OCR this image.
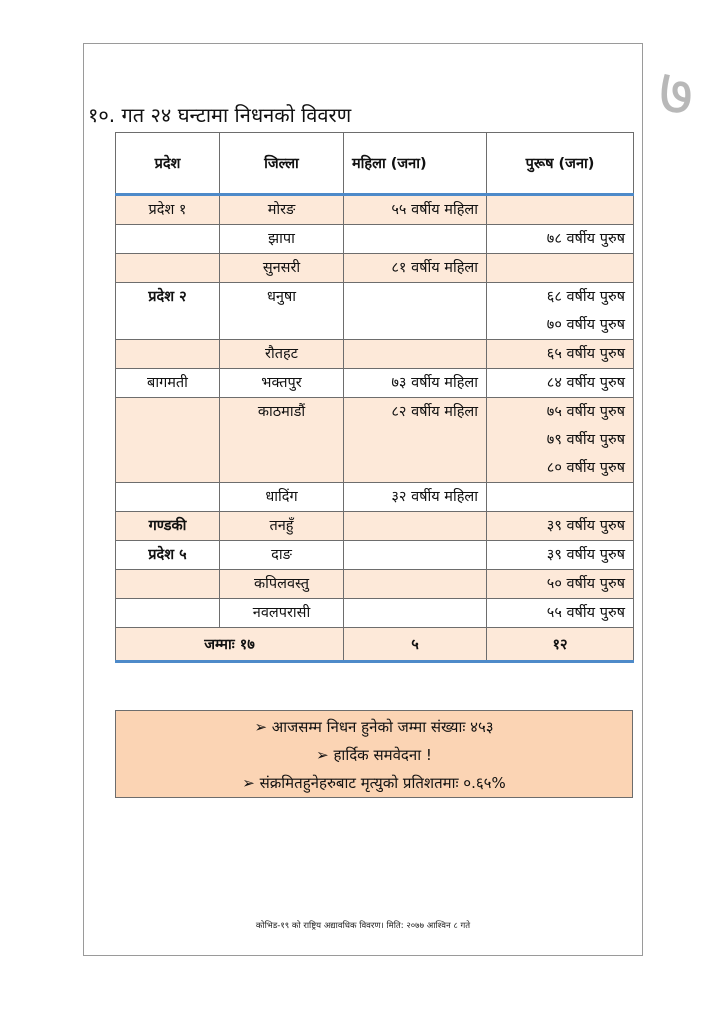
७
१०. गत २४ घन्टामा निधनको विवरण
प्रदेश	जिल्ला	महिला (जना)	पुरूष (जना)

प्रदेश १	मोरङ	५५ वर्षीय महिला	

	झापा		७८ वर्षीय पुरुष

	सुनसरी	८१ वर्षीय महिला	

प्रदेश २	धनुषा		६८ वर्षीय पुरुष
७० वर्षीय पुरुष

	रौतहट		६५ वर्षीय पुरुष

बागमती	भक्तपुर	७३ वर्षीय महिला	८४ वर्षीय पुरुष

	काठमाडौं	८२ वर्षीय महिला	७५ वर्षीय पुरुष
७९ वर्षीय पुरुष
८० वर्षीय पुरुष

	धादिंग	३२ वर्षीय महिला	

गण्डकी	तनहुँ		३९ वर्षीय पुरुष

प्रदेश ५	दाङ		३९ वर्षीय पुरुष

	कपिलवस्तु		५० वर्षीय पुरुष

	नवलपरासी		५५ वर्षीय पुरुष

जम्माः १७		५	१२
➢ आजसम्म निधन हुनेको जम्मा संख्याः ४५३
➢ हार्दिक समवेदना !
➢ संक्रमितहुनेहरुबाट मृत्युको प्रतिशतमाः ०.६५%
कोभिड-१९ को राष्ट्रिय अद्यावधिक विवरण। मिति: २०७७ आश्विन ८ गते
